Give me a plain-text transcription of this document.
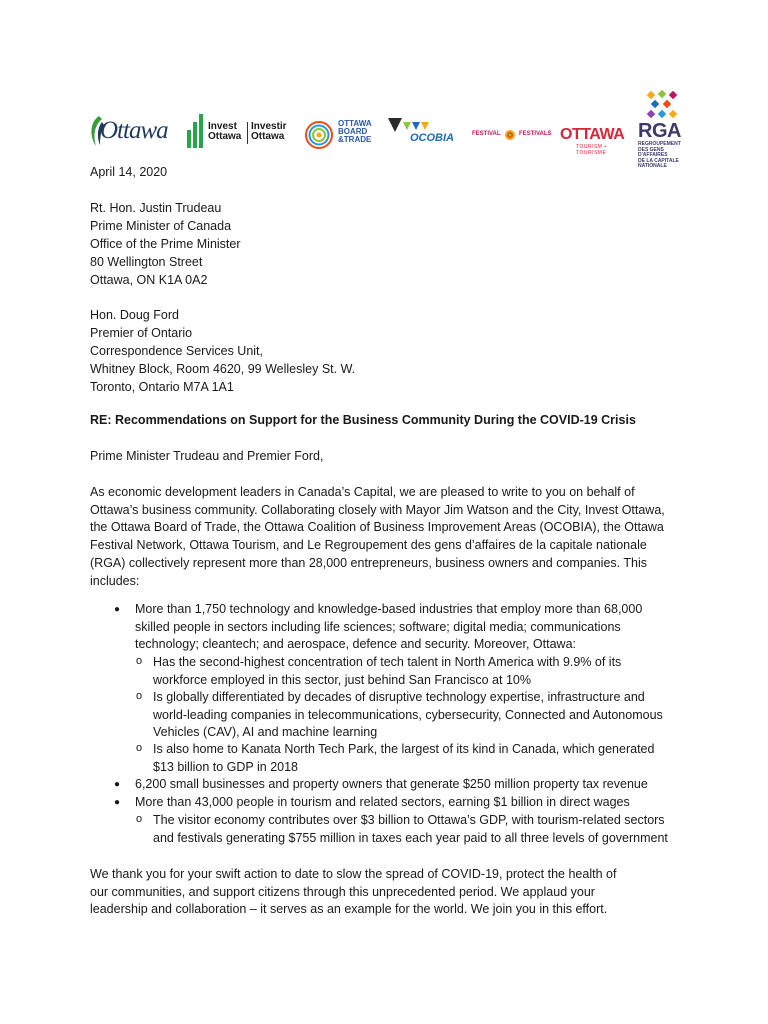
Ottawa	Invest
Ottawa
Investir
Ottawa
OTTAWA
BOARD
&TRADE	OCOBIA	FESTIVAL	FESTIVALS OTTAWA
TOURISM • TOURISME
RGA
REGROUPEMENT
DES GENS D'AFFAIRES
DE LA CAPITALE NATIONALE
April 14, 2020
Rt. Hon. Justin Trudeau
Prime Minister of Canada
Office of the Prime Minister
80 Wellington Street
Ottawa, ON K1A 0A2
Hon. Doug Ford
Premier of Ontario
Correspondence Services Unit,
Whitney Block, Room 4620, 99 Wellesley St. W.
Toronto, Ontario M7A 1A1
RE: Recommendations on Support for the Business Community During the COVID-19 Crisis
Prime Minister Trudeau and Premier Ford,
As economic development leaders in Canada’s Capital, we are pleased to write to you on behalf of
Ottawa’s business community. Collaborating closely with Mayor Jim Watson and the City, Invest Ottawa,
the Ottawa Board of Trade, the Ottawa Coalition of Business Improvement Areas (OCOBIA), the Ottawa
Festival Network, Ottawa Tourism, and Le Regroupement des gens d’affaires de la capitale nationale
(RGA) collectively represent more than 28,000 entrepreneurs, business owners and companies. This
includes:
● More than 1,750 technology and knowledge-based industries that employ more than 68,000
skilled people in sectors including life sciences; software; digital media; communications
technology; cleantech; and aerospace, defence and security. Moreover, Ottawa:
o Has the second-highest concentration of tech talent in North America with 9.9% of its
workforce employed in this sector, just behind San Francisco at 10%
o Is globally differentiated by decades of disruptive technology expertise, infrastructure and
world-leading companies in telecommunications, cybersecurity, Connected and Autonomous
Vehicles (CAV), AI and machine learning
o Is also home to Kanata North Tech Park, the largest of its kind in Canada, which generated
$13 billion to GDP in 2018
● 6,200 small businesses and property owners that generate $250 million property tax revenue
● More than 43,000 people in tourism and related sectors, earning $1 billion in direct wages
o The visitor economy contributes over $3 billion to Ottawa’s GDP, with tourism-related sectors
and festivals generating $755 million in taxes each year paid to all three levels of government
We thank you for your swift action to date to slow the spread of COVID-19, protect the health of
our communities, and support citizens through this unprecedented period. We applaud your
leadership and collaboration – it serves as an example for the world. We join you in this effort.
